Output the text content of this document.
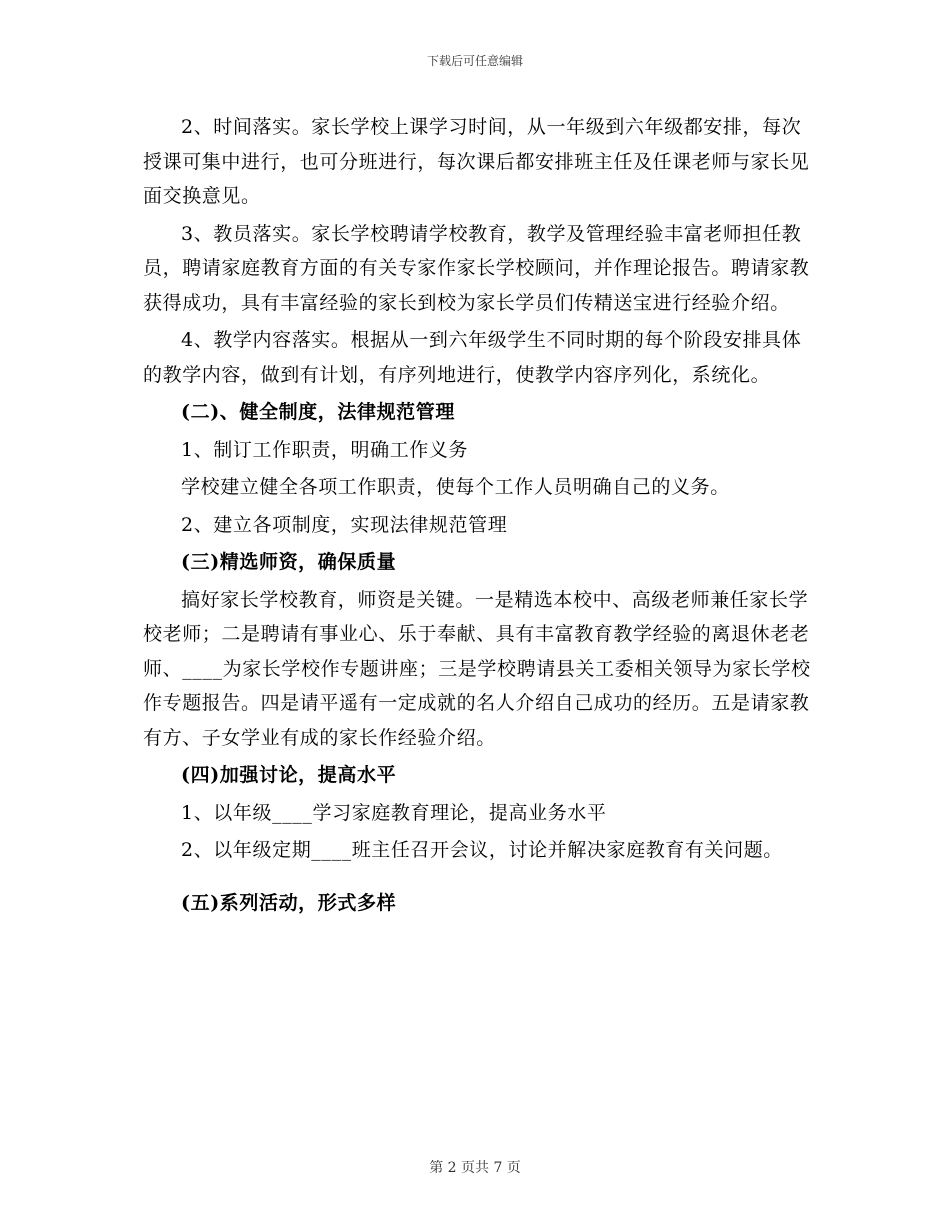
下载后可任意编辑

2、时间落实。家长学校上课学习时间，从一年级到六年级都安排，每次授课可集中进行，也可分班进行，每次课后都安排班主任及任课老师与家长见面交换意见。

3、教员落实。家长学校聘请学校教育，教学及管理经验丰富老师担任教员，聘请家庭教育方面的有关专家作家长学校顾问，并作理论报告。聘请家教获得成功，具有丰富经验的家长到校为家长学员们传精送宝进行经验介绍。

4、教学内容落实。根据从一到六年级学生不同时期的每个阶段安排具体的教学内容，做到有计划，有序列地进行，使教学内容序列化，系统化。

(二)、健全制度，法律规范管理

1、制订工作职责，明确工作义务

学校建立健全各项工作职责，使每个工作人员明确自己的义务。

2、建立各项制度，实现法律规范管理

(三)精选师资，确保质量

搞好家长学校教育，师资是关键。一是精选本校中、高级老师兼任家长学校老师；二是聘请有事业心、乐于奉献、具有丰富教育教学经验的离退休老老师、____为家长学校作专题讲座；三是学校聘请县关工委相关领导为家长学校作专题报告。四是请平遥有一定成就的名人介绍自己成功的经历。五是请家教有方、子女学业有成的家长作经验介绍。

(四)加强讨论，提高水平

1、以年级____学习家庭教育理论，提高业务水平

2、以年级定期____班主任召开会议，讨论并解决家庭教育有关问题。

(五)系列活动，形式多样

第 2 页共 7 页
